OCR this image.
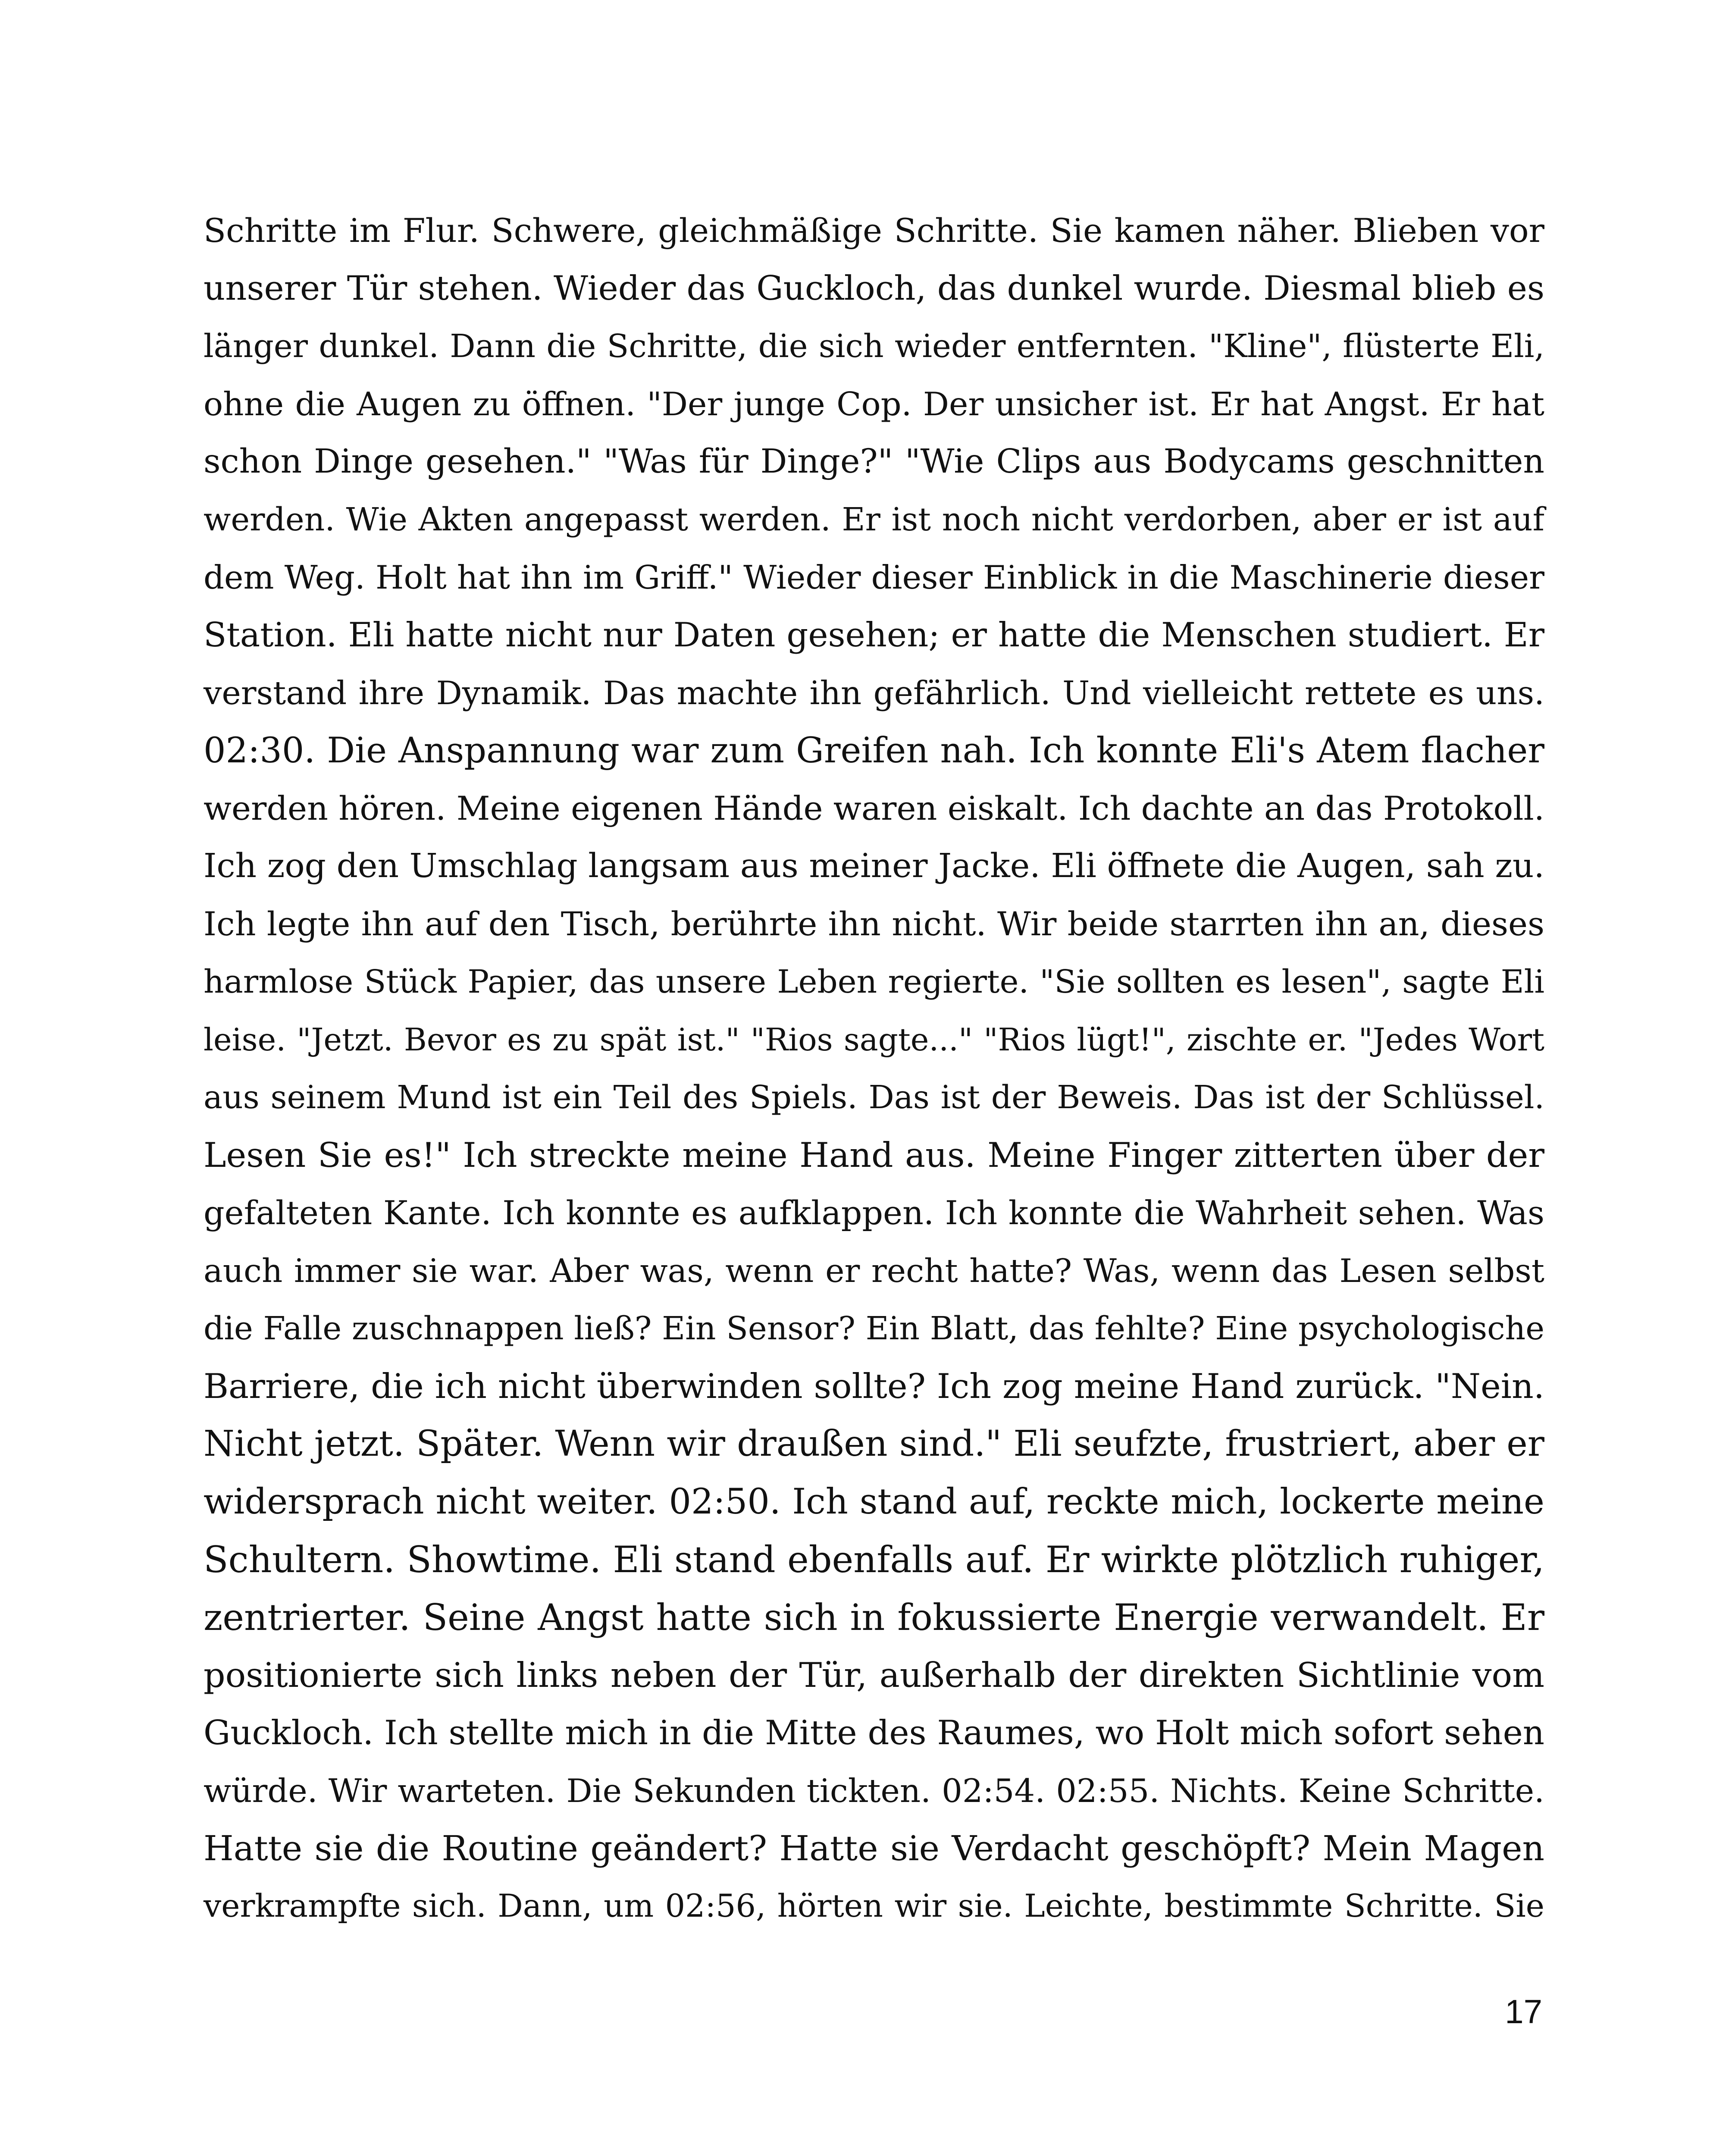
Schritte im Flur. Schwere, gleichmäßige Schritte. Sie kamen näher. Blieben vor
unserer Tür stehen. Wieder das Guckloch, das dunkel wurde. Diesmal blieb es
länger dunkel. Dann die Schritte, die sich wieder entfernten. "Kline", flüsterte Eli,
ohne die Augen zu öffnen. "Der junge Cop. Der unsicher ist. Er hat Angst. Er hat
schon Dinge gesehen." "Was für Dinge?" "Wie Clips aus Bodycams geschnitten
werden. Wie Akten angepasst werden. Er ist noch nicht verdorben, aber er ist auf
dem Weg. Holt hat ihn im Griff." Wieder dieser Einblick in die Maschinerie dieser
Station. Eli hatte nicht nur Daten gesehen; er hatte die Menschen studiert. Er
verstand ihre Dynamik. Das machte ihn gefährlich. Und vielleicht rettete es uns.
02:30. Die Anspannung war zum Greifen nah. Ich konnte Eli's Atem flacher
werden hören. Meine eigenen Hände waren eiskalt. Ich dachte an das Protokoll.
Ich zog den Umschlag langsam aus meiner Jacke. Eli öffnete die Augen, sah zu.
Ich legte ihn auf den Tisch, berührte ihn nicht. Wir beide starrten ihn an, dieses
harmlose Stück Papier, das unsere Leben regierte. "Sie sollten es lesen", sagte Eli
leise. "Jetzt. Bevor es zu spät ist." "Rios sagte..." "Rios lügt!", zischte er. "Jedes Wort
aus seinem Mund ist ein Teil des Spiels. Das ist der Beweis. Das ist der Schlüssel.
Lesen Sie es!" Ich streckte meine Hand aus. Meine Finger zitterten über der
gefalteten Kante. Ich konnte es aufklappen. Ich konnte die Wahrheit sehen. Was
auch immer sie war. Aber was, wenn er recht hatte? Was, wenn das Lesen selbst
die Falle zuschnappen ließ? Ein Sensor? Ein Blatt, das fehlte? Eine psychologische
Barriere, die ich nicht überwinden sollte? Ich zog meine Hand zurück. "Nein.
Nicht jetzt. Später. Wenn wir draußen sind." Eli seufzte, frustriert, aber er
widersprach nicht weiter. 02:50. Ich stand auf, reckte mich, lockerte meine
Schultern. Showtime. Eli stand ebenfalls auf. Er wirkte plötzlich ruhiger,
zentrierter. Seine Angst hatte sich in fokussierte Energie verwandelt. Er
positionierte sich links neben der Tür, außerhalb der direkten Sichtlinie vom
Guckloch. Ich stellte mich in die Mitte des Raumes, wo Holt mich sofort sehen
würde. Wir warteten. Die Sekunden tickten. 02:54. 02:55. Nichts. Keine Schritte.
Hatte sie die Routine geändert? Hatte sie Verdacht geschöpft? Mein Magen
verkrampfte sich. Dann, um 02:56, hörten wir sie. Leichte, bestimmte Schritte. Sie
17
